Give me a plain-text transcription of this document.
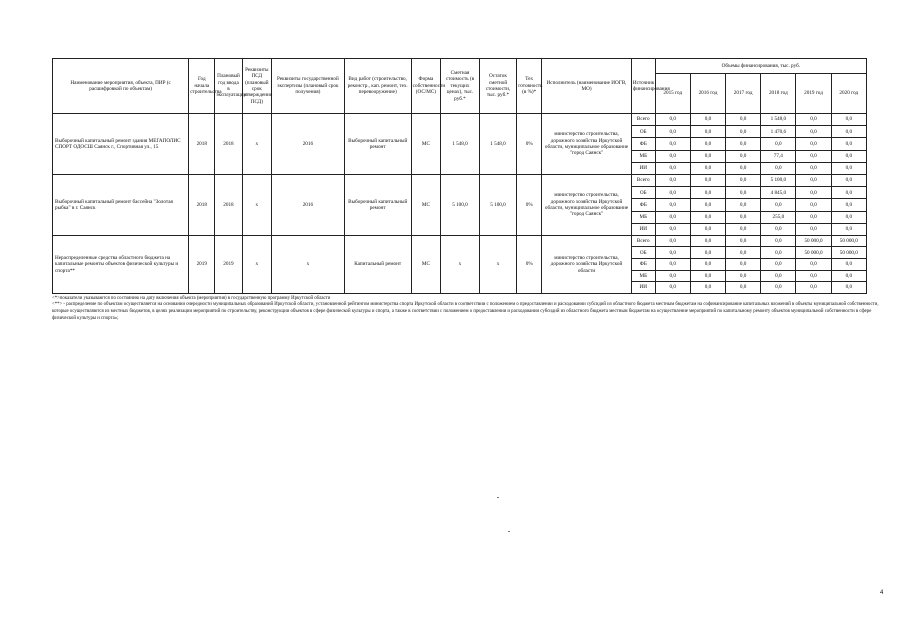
Наименование мероприятия, объекта, ПИР (с расшифровкой по объектам)	Год начала строительства	Плановый год ввода в эксплуатацию	Реквизиты ПСД (плановый срок утверждения ПСД)	Реквизиты государственной экспертизы (плановый срок получения)	Вид работ (строительство, реконстр., кап. ремонт, тех. перевооружение)	Форма собственности (ОС/МС)	Сметная стоимость (в текущих ценах), тыс. руб.*	Остаток сметной стоимости, тыс. руб.*	Тех готовность (в %)*	Исполнитель (наименование ИОГВ, МО)	Источник финансирования	Объемы финансирования, тыс. руб.					
												2015 год	2016 год	2017 год	2018 год	2019 год	2020 год
Выборочный капитальный ремонт здания МЕГАПОЛИС СПОРТ ОДОСШ Саянск г., Спортивная ул., 15	2018	2018	х	2016	Выборочный капитальный ремонт	МС	1 548,0	1 548,0	0%	министерство строительства, дорожного хозяйства Иркутской области, муниципальное образование "город Саянск"	Всего	0,0	0,0	0,0	1 548,0	0,0	0,0
											ОБ	0,0	0,0	0,0	1 470,6	0,0	0,0
											ФБ	0,0	0,0	0,0	0,0	0,0	0,0
											МБ	0,0	0,0	0,0	77,4	0,0	0,0
											ИИ	0,0	0,0	0,0	0,0	0,0	0,0
Выборочный капитальный ремонт бассейна "Золотая рыбка" в г. Саянск	2018	2018	х	2016	Выборочный капитальный ремонт	МС	5 100,0	5 100,0	0%	министерство строительства, дорожного хозяйства Иркутской области, муниципальное образование "город Саянск"	Всего	0,0	0,0	0,0	5 100,0	0,0	0,0
											ОБ	0,0	0,0	0,0	4 845,0	0,0	0,0
											ФБ	0,0	0,0	0,0	0,0	0,0	0,0
											МБ	0,0	0,0	0,0	255,0	0,0	0,0
											ИИ	0,0	0,0	0,0	0,0	0,0	0,0
Нераспределенные средства областного бюджета на капитальные ремонты объектов физической культуры и спорта**	2019	2019	х	х	Капитальный ремонт	МС	х	х	0%	министерство строительства, дорожного хозяйства Иркутской области	Всего	0,0	0,0	0,0	0,0	50 000,0	50 000,0
											ОБ	0,0	0,0	0,0	0,0	50 000,0	50 000,0
											ФБ	0,0	0,0	0,0	0,0	0,0	0,0
											МБ	0,0	0,0	0,0	0,0	0,0	0,0
											ИИ	0,0	0,0	0,0	0,0	0,0	0,0
<*>показатели указываются по состоянию на дату включения объекта (мероприятия) в государственную программу Иркутской области
<**> - распределение по объектам осуществляется на основании очередности муниципальных образований Иркутской области, установленной рейтингом министерства спорта Иркутской области в соответствии с положением о предоставлении и расходовании субсидий из областного бюджета местным бюджетам на софинансирование капитальных вложений в объекты муниципальной собственности, которые осуществляются из местных бюджетов, в целях реализации мероприятий по строительству, реконструкции объектов в сфере физической культуры и спорта, а также в соответствии с положением о предоставлении и расходовании субсидий из областного бюджета местным бюджетам на осуществление мероприятий по капитальному ремонту объектов муниципальной собственности в сфере физической культуры и спорта»;
4
